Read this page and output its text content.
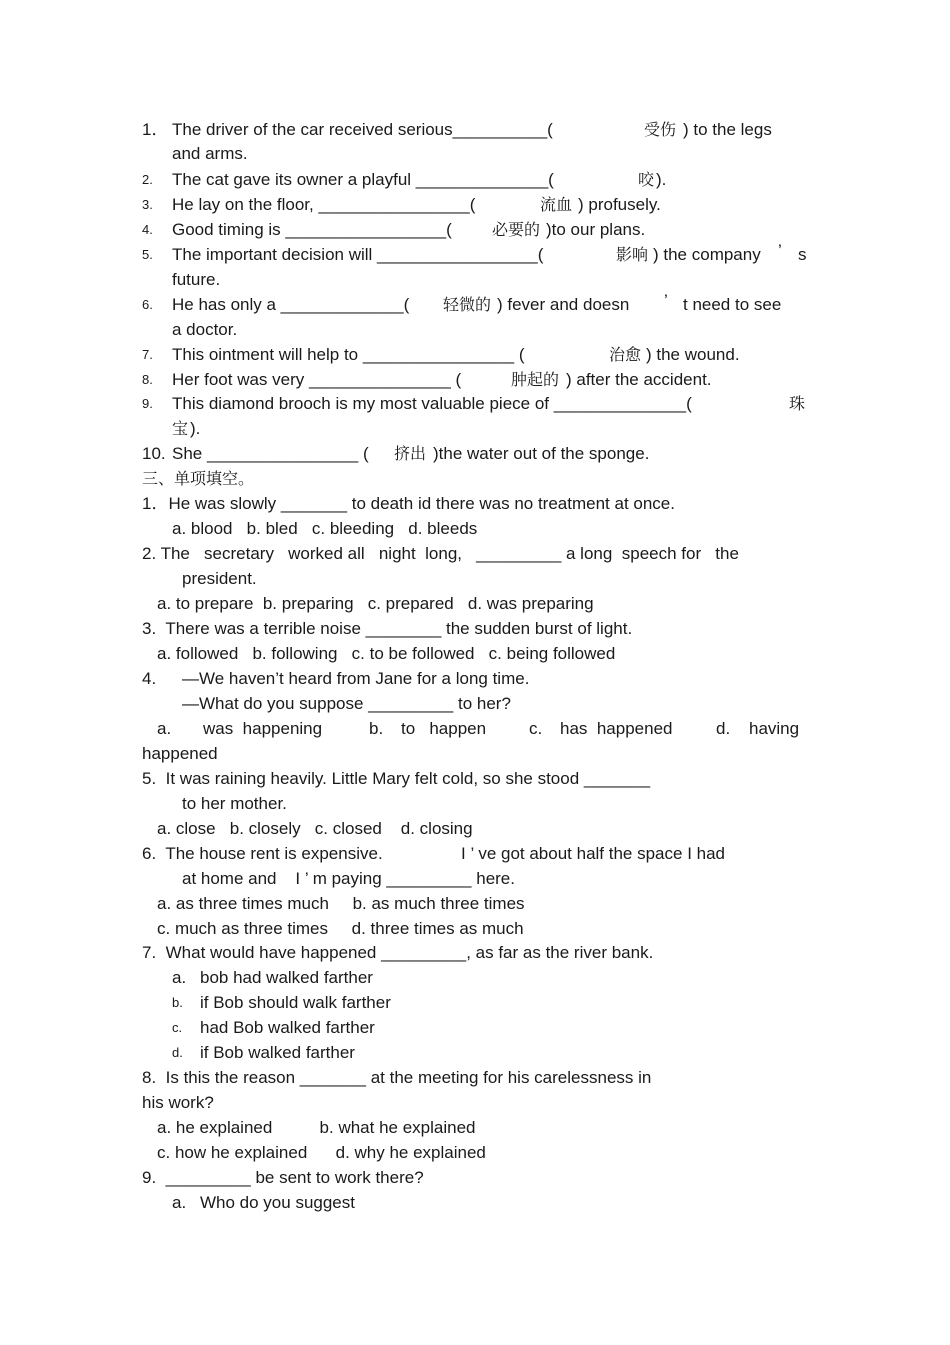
1． The driver of the car received serious__________(	受伤 ) to the legs
and arms.
2. The cat gave its owner a playful ______________(	咬 ).
3. He lay on the floor, ________________(	流血 ) profusely.
4. Good timing is _________________(	必要的 )to our plans.
5. The important decision will _________________(	影响 ) the company ’ s
future.
6. He has only a _____________( 轻微的 ) fever and doesn ’ t need to see
a doctor.
7. This ointment will help to ________________ (	治愈 ) the wound.
8. Her foot was very _______________ (	肿起的 ) after the accident.
9. This diamond brooch is my most valuable piece of ______________(	珠
宝 ).
10. She ________________ ( 挤出 )the water out of the sponge.
三、单项填空。
1．He was slowly _______ to death id there was no treatment at once.
a. blood   b. bled   c. bleeding   d. bleeds
2. The   secretary   worked all   night  long,   _________ a long  speech for   the
president.
a. to prepare  b. preparing   c. prepared   d. was preparing
3.  There was a terrible noise ________ the sudden burst of light.
a. followed   b. following   c. to be followed   c. being followed
4. —We haven’t heard from Jane for a long time.
—What do you suppose _________ to her?
a. was  happening	b. to   happen	c. has  happened	d. having
happened
5.  It was raining heavily. Little Mary felt cold, so she stood _______
to her mother.
a. close   b. closely   c. closed    d. closing
6.  The house rent is expensive.	I ’ ve got about half the space I had
at home and    I ’ m paying _________ here.
a. as three times much     b. as much three times
c. much as three times     d. three times as much
7.  What would have happened _________, as far as the river bank.
a. bob had walked farther
b. if Bob should walk farther
c. had Bob walked farther
d. if Bob walked farther
8.  Is this the reason _______ at the meeting for his carelessness in
his work?
a. he explained          b. what he explained
c. how he explained      d. why he explained
9.  _________ be sent to work there?
a. Who do you suggest
